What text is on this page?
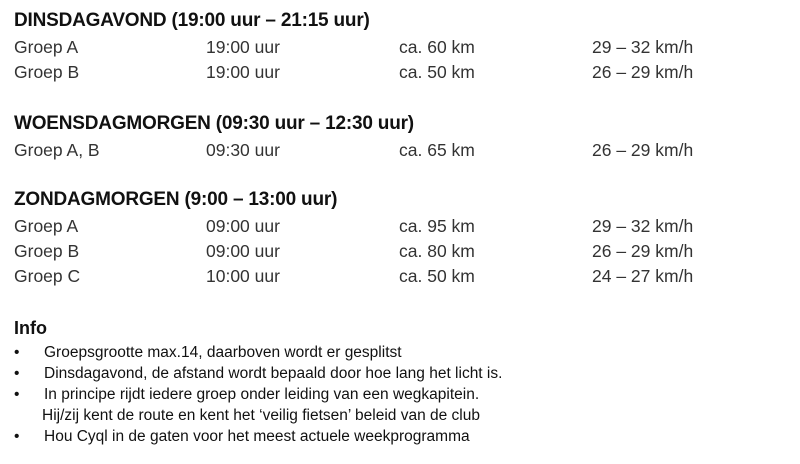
DINSDAGAVOND (19:00 uur – 21:15 uur)
Groep A	19:00 uur	ca. 60 km	29 – 32 km/h
Groep B	19:00 uur	ca. 50 km	26 – 29 km/h
WOENSDAGMORGEN (09:30 uur – 12:30 uur)
Groep A, B	09:30 uur	ca. 65 km	26 – 29 km/h
ZONDAGMORGEN (9:00 – 13:00 uur)
Groep A	09:00 uur	ca. 95 km	29 – 32 km/h
Groep B	09:00 uur	ca. 80 km	26 – 29 km/h
Groep C	10:00 uur	ca. 50 km	24 – 27 km/h
Info
•	Groepsgrootte max.14, daarboven wordt er gesplitst
•	Dinsdagavond, de afstand wordt bepaald door hoe lang het licht is.
•	In principe rijdt iedere groep onder leiding van een wegkapitein.
Hij/zij kent de route en kent het ‘veilig fietsen’ beleid van de club
•	Hou Cyql in de gaten voor het meest actuele weekprogramma
